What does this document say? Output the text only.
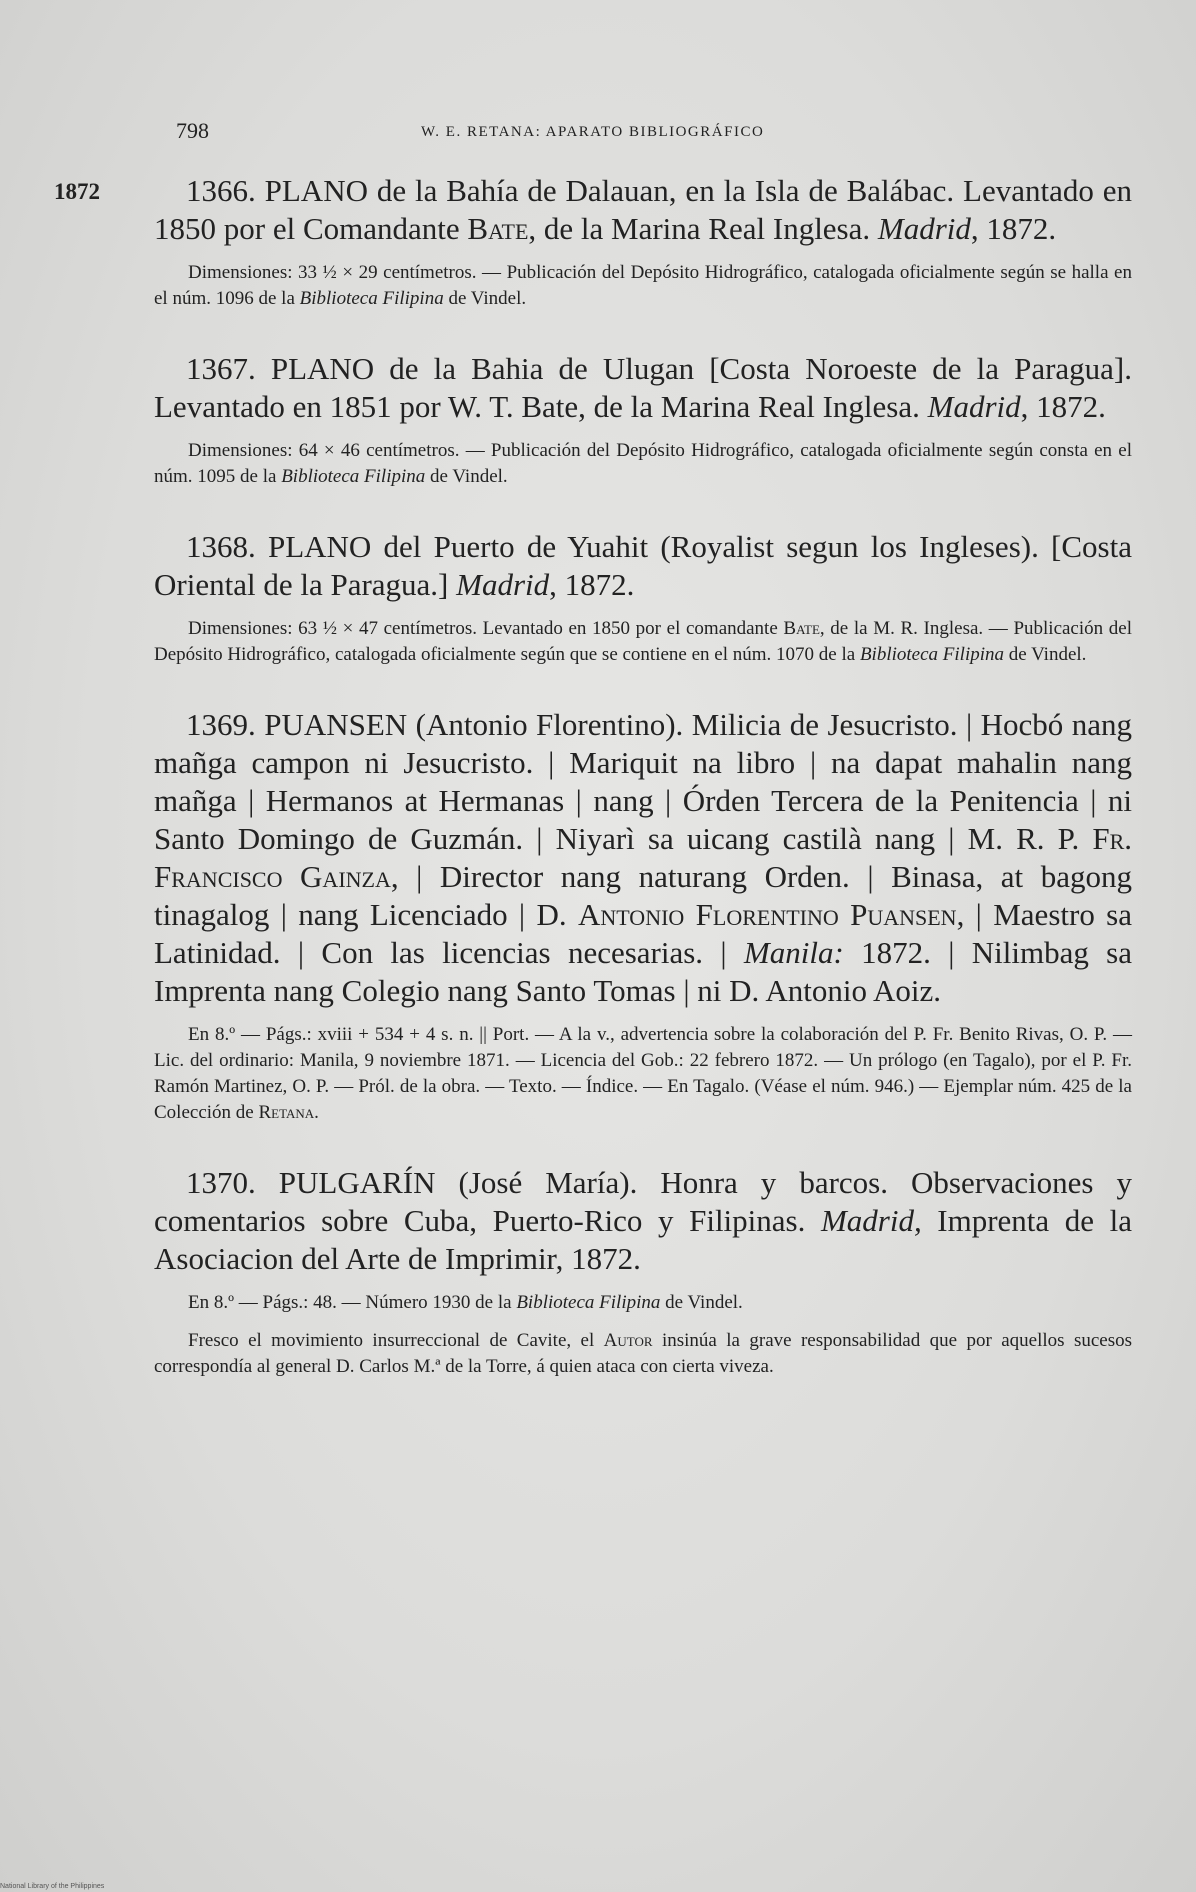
798	W. E. RETANA: APARATO BIBLIOGRÁFICO
1872	1366. PLANO de la Bahía de Dalauan, en la Isla de Balábac. Levantado en 1850 por el Comandante Bate, de la Marina Real Inglesa. Madrid, 1872.

Dimensiones: 33 ½ × 29 centímetros. — Publicación del Depósito Hidrográfico, catalogada oficialmente según se halla en el núm. 1096 de la Biblioteca Filipina de Vindel.

1367. PLANO de la Bahia de Ulugan [Costa Noroeste de la Paragua]. Levantado en 1851 por W. T. Bate, de la Marina Real Inglesa. Madrid, 1872.

Dimensiones: 64 × 46 centímetros. — Publicación del Depósito Hidrográfico, catalogada oficialmente según consta en el núm. 1095 de la Biblioteca Filipina de Vindel.

1368. PLANO del Puerto de Yuahit (Royalist segun los Ingleses). [Costa Oriental de la Paragua.] Madrid, 1872.

Dimensiones: 63 ½ × 47 centímetros. Levantado en 1850 por el comandante Bate, de la M. R. Inglesa. — Publicación del Depósito Hidrográfico, catalogada oficialmente según que se contiene en el núm. 1070 de la Biblioteca Filipina de Vindel.

1369. PUANSEN (Antonio Florentino). Milicia de Jesucristo. | Hocbó nang mañga campon ni Jesucristo. | Mariquit na libro | na dapat mahalin nang mañga | Hermanos at Hermanas | nang | Órden Tercera de la Penitencia | ni Santo Domingo de Guzmán. | Niyarì sa uicang castilà nang | M. R. P. Fr. Francisco Gainza, | Director nang naturang Orden. | Binasa, at bagong tinagalog | nang Licenciado | D. Antonio Florentino Puansen, | Maestro sa Latinidad. | Con las licencias necesarias. | Manila: 1872. | Nilimbag sa Imprenta nang Colegio nang Santo Tomas | ni D. Antonio Aoiz.

En 8.º — Págs.: xviii + 534 + 4 s. n. || Port. — A la v., advertencia sobre la colaboración del P. Fr. Benito Rivas, O. P. — Lic. del ordinario: Manila, 9 noviembre 1871. — Licencia del Gob.: 22 febrero 1872. — Un prólogo (en Tagalo), por el P. Fr. Ramón Martinez, O. P. — Pról. de la obra. — Texto. — Índice. — En Tagalo. (Véase el núm. 946.) — Ejemplar núm. 425 de la Colección de Retana.

1370. PULGARÍN (José María). Honra y barcos. Observaciones y comentarios sobre Cuba, Puerto-Rico y Filipinas. Madrid, Imprenta de la Asociacion del Arte de Imprimir, 1872.

En 8.º — Págs.: 48. — Número 1930 de la Biblioteca Filipina de Vindel.

Fresco el movimiento insurreccional de Cavite, el Autor insinúa la grave responsabilidad que por aquellos sucesos correspondía al general D. Carlos M.ª de la Torre, á quien ataca con cierta viveza.

National Library of the Philippines
